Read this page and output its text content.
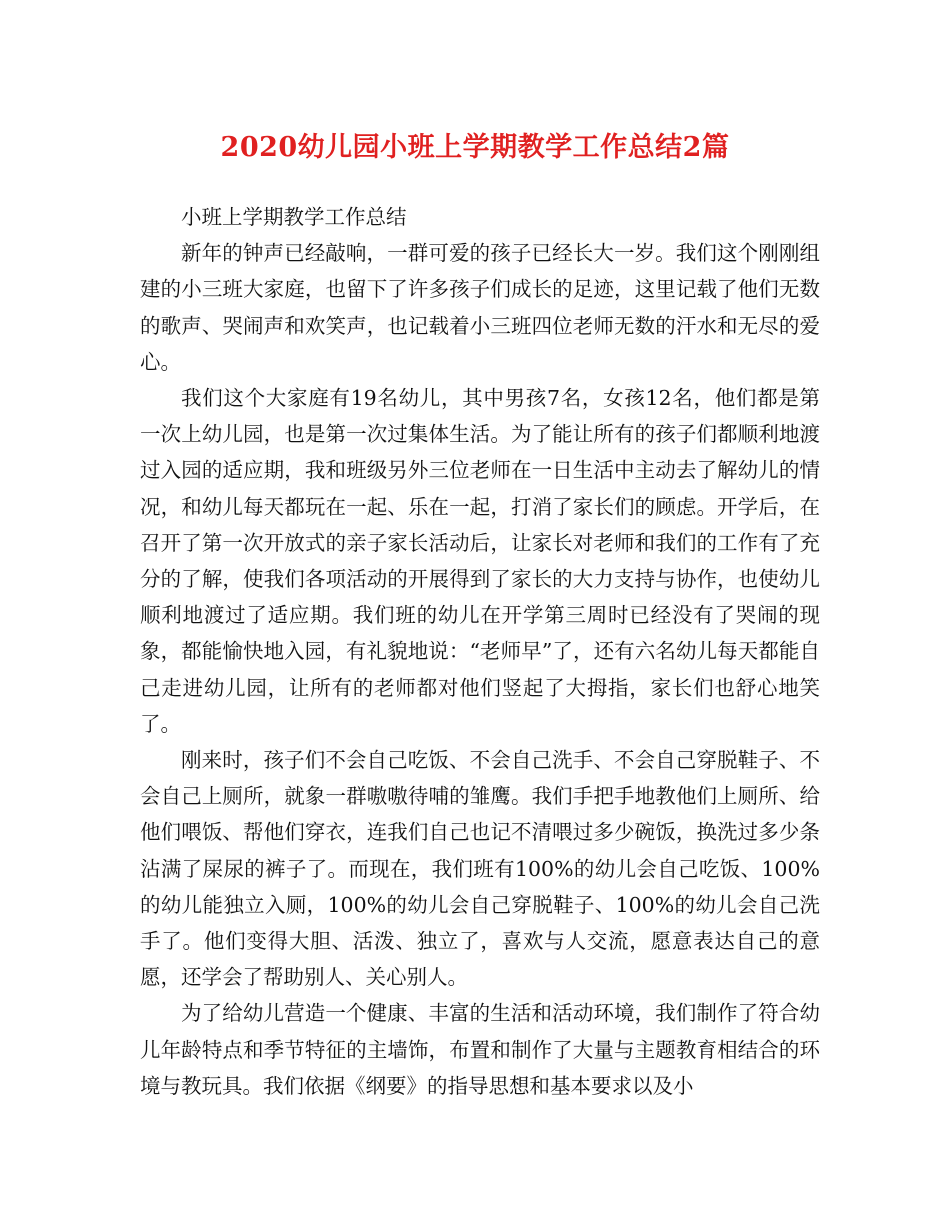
2020幼儿园小班上学期教学工作总结2篇

小班上学期教学工作总结

新年的钟声已经敲响，一群可爱的孩子已经长大一岁。我们这个刚刚组建的小三班大家庭，也留下了许多孩子们成长的足迹，这里记载了他们无数的歌声、哭闹声和欢笑声，也记载着小三班四位老师无数的汗水和无尽的爱心。

我们这个大家庭有19名幼儿，其中男孩7名，女孩12名，他们都是第一次上幼儿园，也是第一次过集体生活。为了能让所有的孩子们都顺利地渡过入园的适应期，我和班级另外三位老师在一日生活中主动去了解幼儿的情况，和幼儿每天都玩在一起、乐在一起，打消了家长们的顾虑。开学后，在召开了第一次开放式的亲子家长活动后，让家长对老师和我们的工作有了充分的了解，使我们各项活动的开展得到了家长的大力支持与协作，也使幼儿顺利地渡过了适应期。我们班的幼儿在开学第三周时已经没有了哭闹的现象，都能愉快地入园，有礼貌地说：“老师早”了，还有六名幼儿每天都能自己走进幼儿园，让所有的老师都对他们竖起了大拇指，家长们也舒心地笑了。

刚来时，孩子们不会自己吃饭、不会自己洗手、不会自己穿脱鞋子、不会自己上厕所，就象一群嗷嗷待哺的雏鹰。我们手把手地教他们上厕所、给他们喂饭、帮他们穿衣，连我们自己也记不清喂过多少碗饭，换洗过多少条沾满了屎尿的裤子了。而现在，我们班有100%的幼儿会自己吃饭、100%的幼儿能独立入厕，100%的幼儿会自己穿脱鞋子、100%的幼儿会自己洗手了。他们变得大胆、活泼、独立了，喜欢与人交流，愿意表达自己的意愿，还学会了帮助别人、关心别人。

为了给幼儿营造一个健康、丰富的生活和活动环境，我们制作了符合幼儿年龄特点和季节特征的主墙饰，布置和制作了大量与主题教育相结合的环境与教玩具。我们依据《纲要》的指导思想和基本要求以及小
